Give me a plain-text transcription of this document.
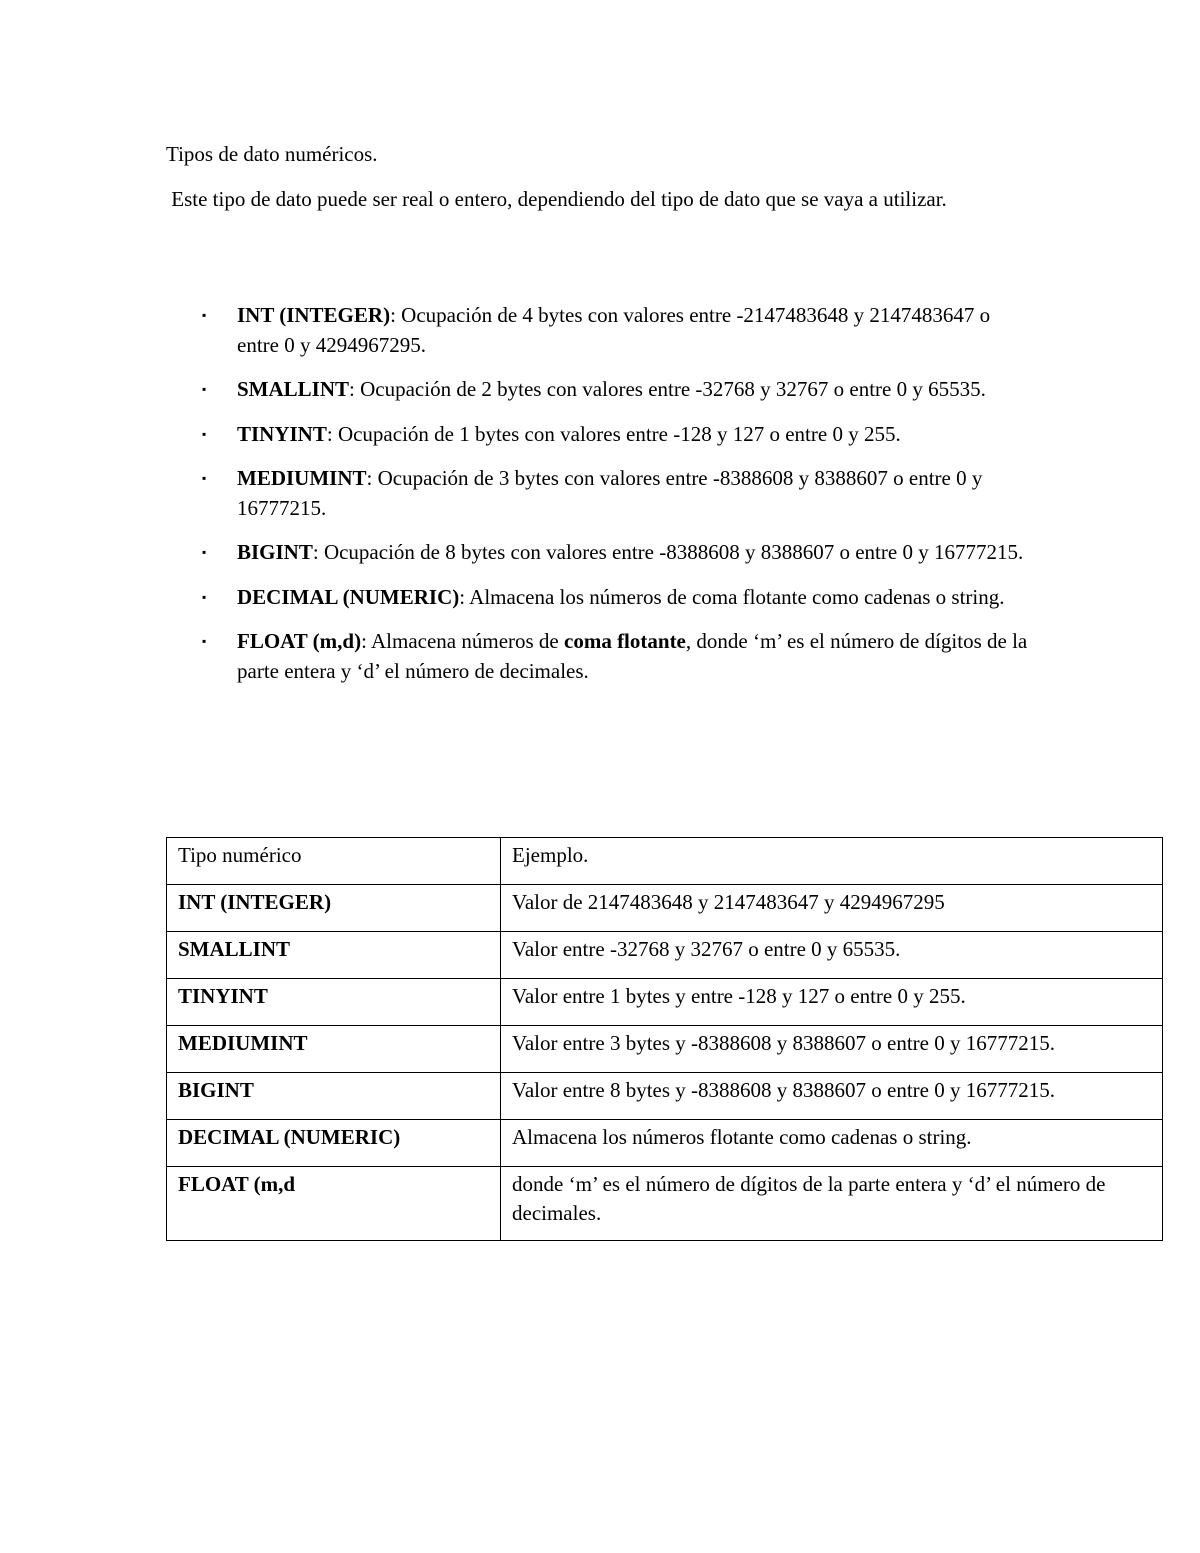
Tipos de dato numéricos.

Este tipo de dato puede ser real o entero, dependiendo del tipo de dato que se vaya a utilizar.

▪ INT (INTEGER): Ocupación de 4 bytes con valores entre -2147483648 y 2147483647 o entre 0 y 4294967295.
▪ SMALLINT: Ocupación de 2 bytes con valores entre -32768 y 32767 o entre 0 y 65535.
▪ TINYINT: Ocupación de 1 bytes con valores entre -128 y 127 o entre 0 y 255.
▪ MEDIUMINT: Ocupación de 3 bytes con valores entre -8388608 y 8388607 o entre 0 y 16777215.
▪ BIGINT: Ocupación de 8 bytes con valores entre -8388608 y 8388607 o entre 0 y 16777215.
▪ DECIMAL (NUMERIC): Almacena los números de coma flotante como cadenas o string.
▪ FLOAT (m,d): Almacena números de coma flotante, donde ‘m’ es el número de dígitos de la parte entera y ‘d’ el número de decimales.
Tipo numérico	Ejemplo.
INT (INTEGER)	Valor de 2147483648 y 2147483647 y 4294967295
SMALLINT	Valor entre -32768 y 32767 o entre 0 y 65535.
TINYINT	Valor entre 1 bytes y entre -128 y 127 o entre 0 y 255.
MEDIUMINT	Valor entre 3 bytes y -8388608 y 8388607 o entre 0 y 16777215.
BIGINT	Valor entre 8 bytes y -8388608 y 8388607 o entre 0 y 16777215.
DECIMAL (NUMERIC)	Almacena los números flotante como cadenas o string.
FLOAT (m,d	donde ‘m’ es el número de dígitos de la parte entera y ‘d’ el número de decimales.
